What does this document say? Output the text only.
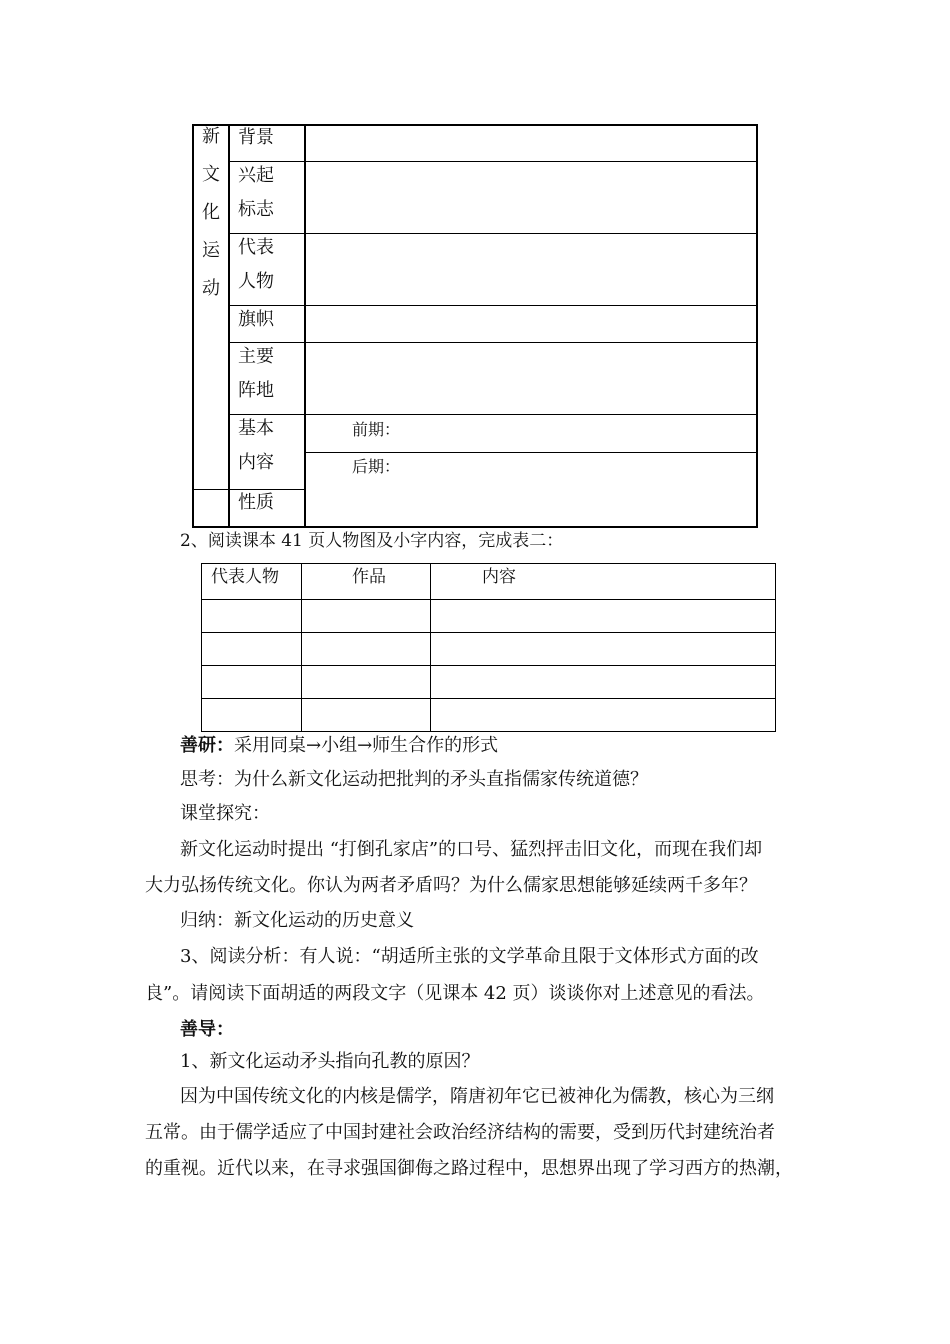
新
文
化
运
动
背景
兴起
标志
代表
人物
旗帜
主要
阵地
基本
内容
性质
前期：
后期：
2、阅读课本 41 页人物图及小字内容，完成表二：
代表人物	作品	内容
善研：采用同桌→小组→师生合作的形式
思考：为什么新文化运动把批判的矛头直指儒家传统道德？
课堂探究：
新文化运动时提出 “打倒孔家店”的口号、猛烈抨击旧文化，而现在我们却
大力弘扬传统文化。你认为两者矛盾吗？为什么儒家思想能够延续两千多年？
归纳：新文化运动的历史意义
3、阅读分析：有人说：“胡适所主张的文学革命且限于文体形式方面的改
良”。请阅读下面胡适的两段文字（见课本 42 页）谈谈你对上述意见的看法。
善导：
1、新文化运动矛头指向孔教的原因？
因为中国传统文化的内核是儒学，隋唐初年它已被神化为儒教，核心为三纲
五常。由于儒学适应了中国封建社会政治经济结构的需要，受到历代封建统治者
的重视。近代以来，在寻求强国御侮之路过程中，思想界出现了学习西方的热潮，
